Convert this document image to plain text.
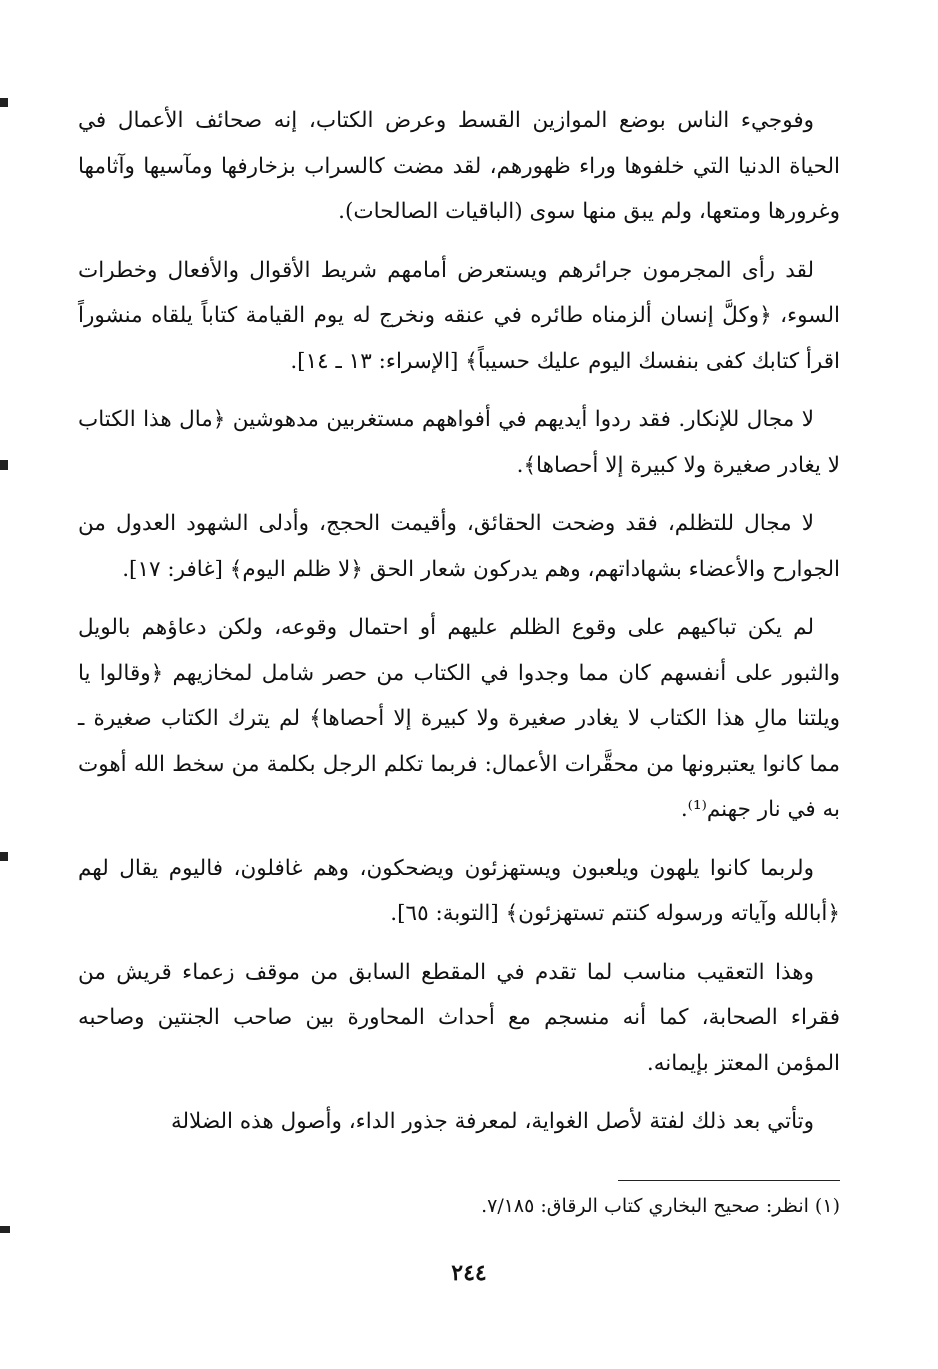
وفوجيء الناس بوضع الموازين القسط وعرض الكتاب، إنه صحائف الأعمال في الحياة الدنيا التي خلفوها وراء ظهورهم، لقد مضت كالسراب بزخارفها ومآسيها وآثامها وغرورها ومتعها، ولم يبق منها سوى (الباقيات الصالحات).

لقد رأى المجرمون جرائرهم ويستعرض أمامهم شريط الأقوال والأفعال وخطرات السوء، ﴿وكلَّ إنسان ألزمناه طائره في عنقه ونخرج له يوم القيامة كتاباً يلقاه منشوراً اقرأ كتابك كفى بنفسك اليوم عليك حسيباً﴾ [الإسراء: ١٣ ـ ١٤].

لا مجال للإنكار. فقد ردوا أيديهم في أفواههم مستغربين مدهوشين ﴿مال هذا الكتاب لا يغادر صغيرة ولا كبيرة إلا أحصاها﴾.

لا مجال للتظلم، فقد وضحت الحقائق، وأقيمت الحجج، وأدلى الشهود العدول من الجوارح والأعضاء بشهاداتهم، وهم يدركون شعار الحق ﴿لا ظلم اليوم﴾ [غافر: ١٧].

لم يكن تباكيهم على وقوع الظلم عليهم أو احتمال وقوعه، ولكن دعاؤهم بالويل والثبور على أنفسهم كان مما وجدوا في الكتاب من حصر شامل لمخازيهم ﴿وقالوا يا ويلتنا مالِ هذا الكتاب لا يغادر صغيرة ولا كبيرة إلا أحصاها﴾ لم يترك الكتاب صغيرة ـ مما كانوا يعتبرونها من محقَّرات الأعمال: فربما تكلم الرجل بكلمة من سخط الله أهوت به في نار جهنم⁽¹⁾.

ولربما كانوا يلهون ويلعبون ويستهزئون ويضحكون، وهم غافلون، فاليوم يقال لهم ﴿أبالله وآياته ورسوله كنتم تستهزئون﴾ [التوبة: ٦٥].

وهذا التعقيب مناسب لما تقدم في المقطع السابق من موقف زعماء قريش من فقراء الصحابة، كما أنه منسجم مع أحداث المحاورة بين صاحب الجنتين وصاحبه المؤمن المعتز بإيمانه.

وتأتي بعد ذلك لفتة لأصل الغواية، لمعرفة جذور الداء، وأصول هذه الضلالة

(١) انظر: صحيح البخاري كتاب الرقاق: ٧/١٨٥.
٢٤٤
